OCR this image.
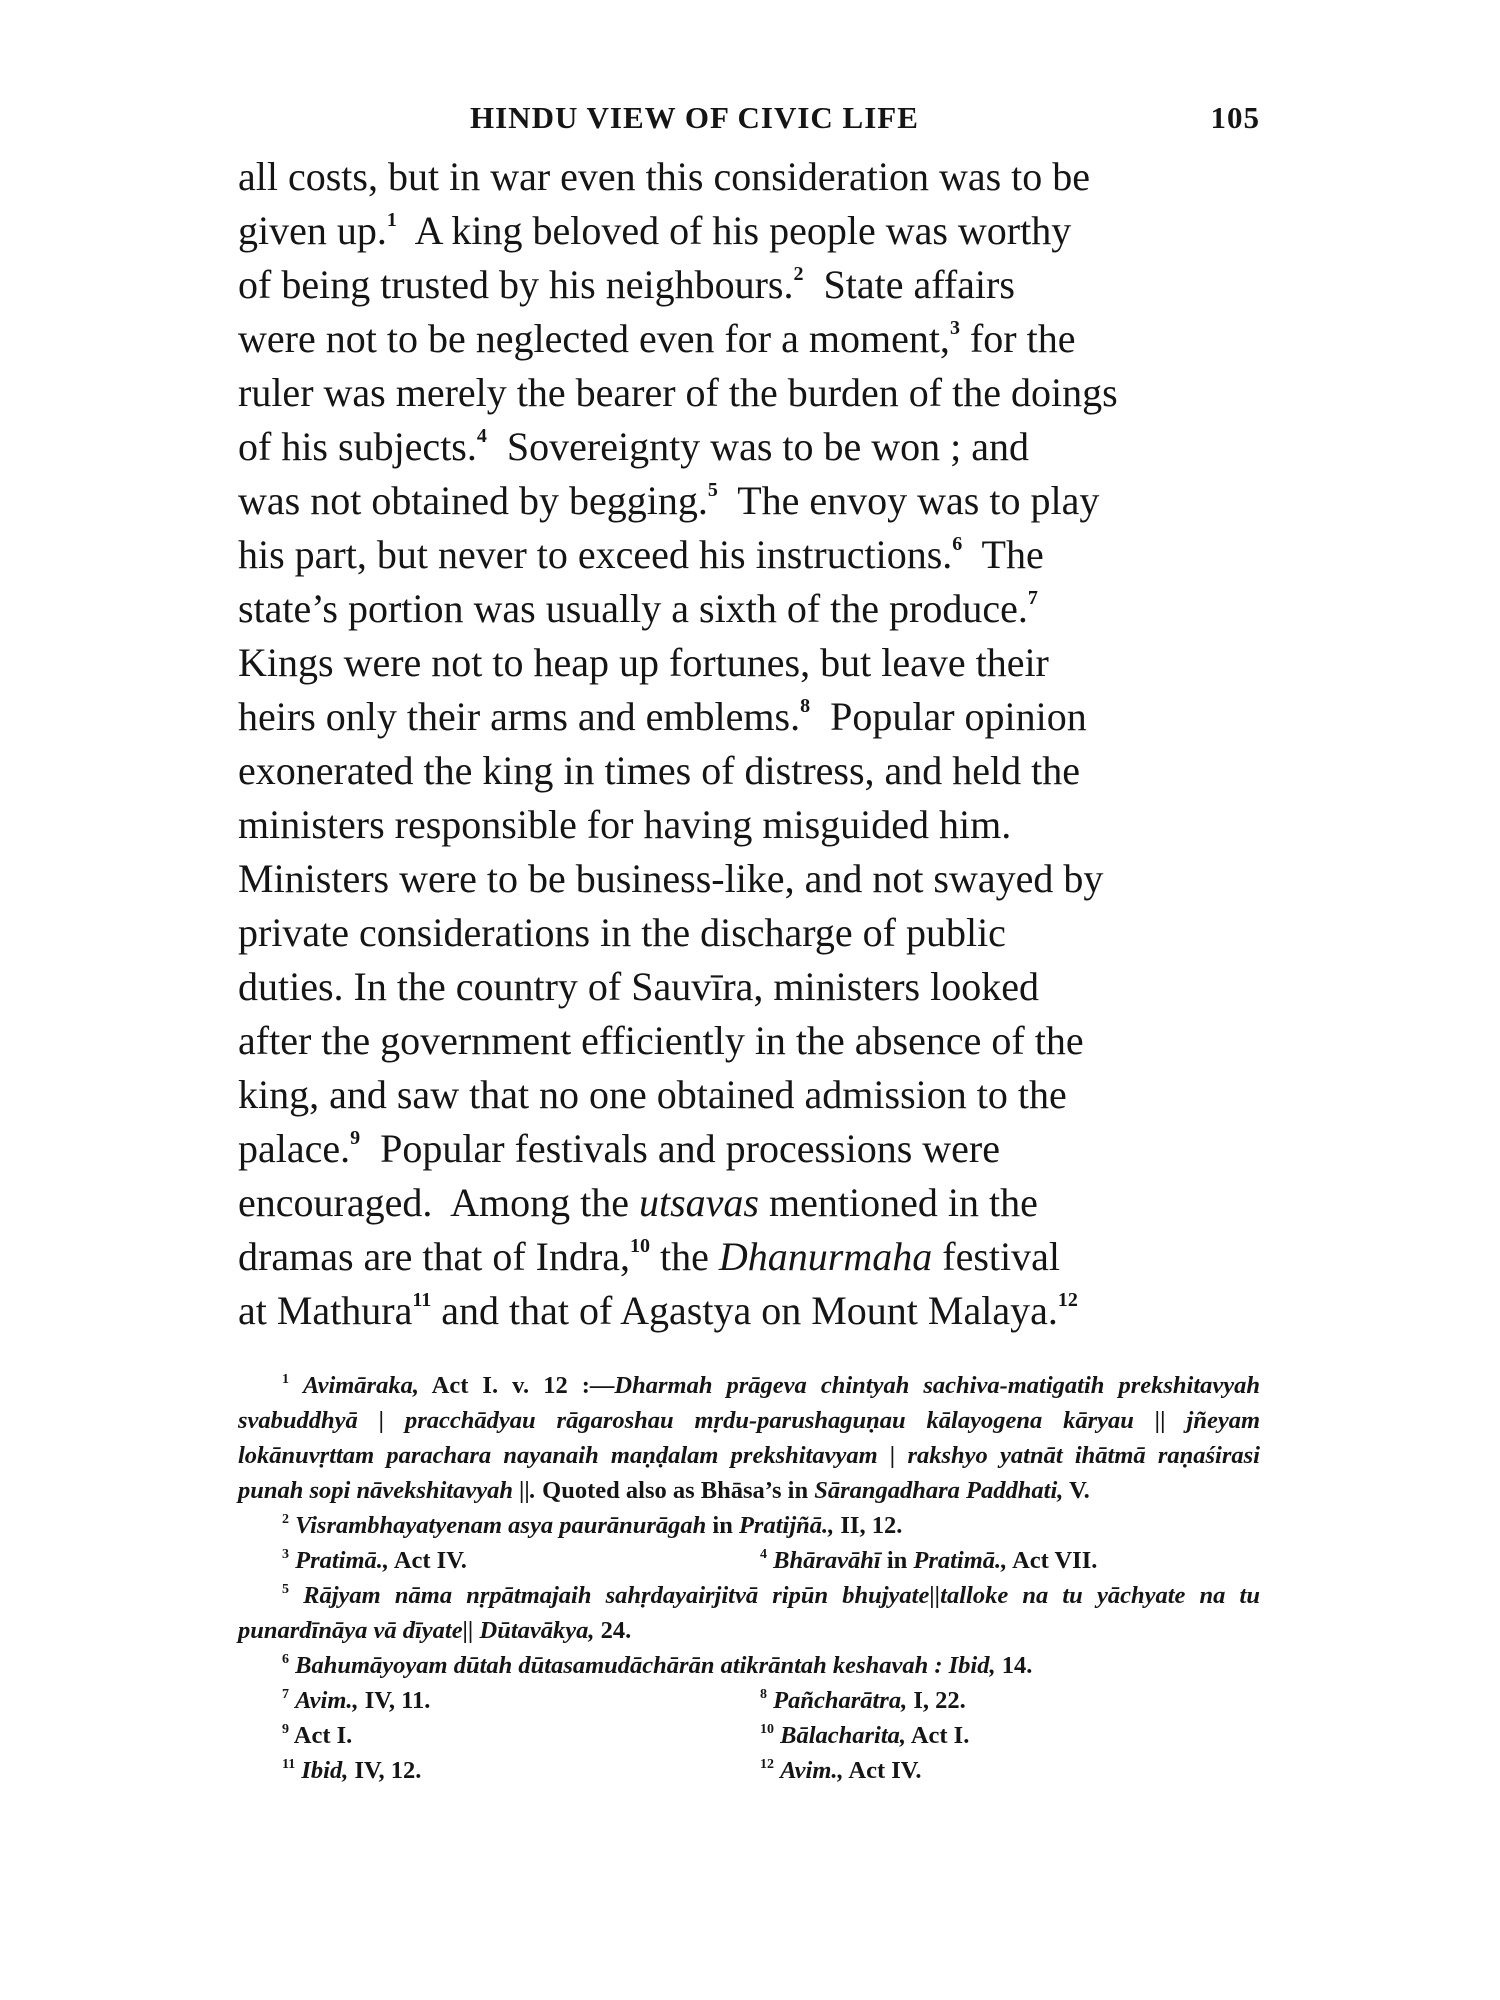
HINDU VIEW OF CIVIC LIFE	105
all costs, but in war even this consideration was to be
given up.$^1$  A king beloved of his people was worthy
of being trusted by his neighbours.$^2$  State affairs
were not to be neglected even for a moment,$^3$ for the
ruler was merely the bearer of the burden of the doings
of his subjects.$^4$  Sovereignty was to be won ; and
was not obtained by begging.$^5$  The envoy was to play
his part, but never to exceed his instructions.$^6$  The
state’s portion was usually a sixth of the produce.$^7$
Kings were not to heap up fortunes, but leave their
heirs only their arms and emblems.$^8$  Popular opinion
exonerated the king in times of distress, and held the
ministers responsible for having misguided him.
Ministers were to be business-like, and not swayed by
private considerations in the discharge of public
duties. In the country of Sauvīra, ministers looked
after the government efficiently in the absence of the
king, and saw that no one obtained admission to the
palace.$^9$  Popular festivals and processions were
encouraged.  Among the utsavas mentioned in the
dramas are that of Indra,$^{10}$ the Dhanurmaha festival
at Mathura$^{11}$ and that of Agastya on Mount Malaya.$^{12}$
$^1$ Avimāraka, Act I. v. 12 :—Dharmah prāgeva chintyah sachiva-matigatih prekshitavyah svabuddhyā | pracchādyau rāgaroshau mṛdu-parushaguṇau kālayogena kāryau || jñeyam lokānuvṛttam parachara nayanaih maṇḍalam prekshitavyam | rakshyo yatnāt ihātmā raṇaśirasi punah sopi nāvekshitavyah ||. Quoted also as Bhāsa’s in Sārangadhara Paddhati, V.
$^2$ Visrambhayatyenam asya paurānurāgah in Pratijñā., II, 12.
$^3$ Pratimā., Act IV.	$^4$ Bhāravāhī in Pratimā., Act VII.
$^5$ Rājyam nāma nṛpātmajaih sahṛdayairjitvā ripūn bhujyate||talloke na tu yāchyate na tu punardīnāya vā dīyate|| Dūtavākya, 24.
$^6$ Bahumāyoyam dūtah dūtasamudāchārān atikrāntah keshavah : Ibid, 14.
$^7$ Avim., IV, 11.	$^8$ Pañcharātra, I, 22.
$^9$ Act I.	$^{10}$ Bālacharita, Act I.
$^{11}$ Ibid, IV, 12.	$^{12}$ Avim., Act IV.
